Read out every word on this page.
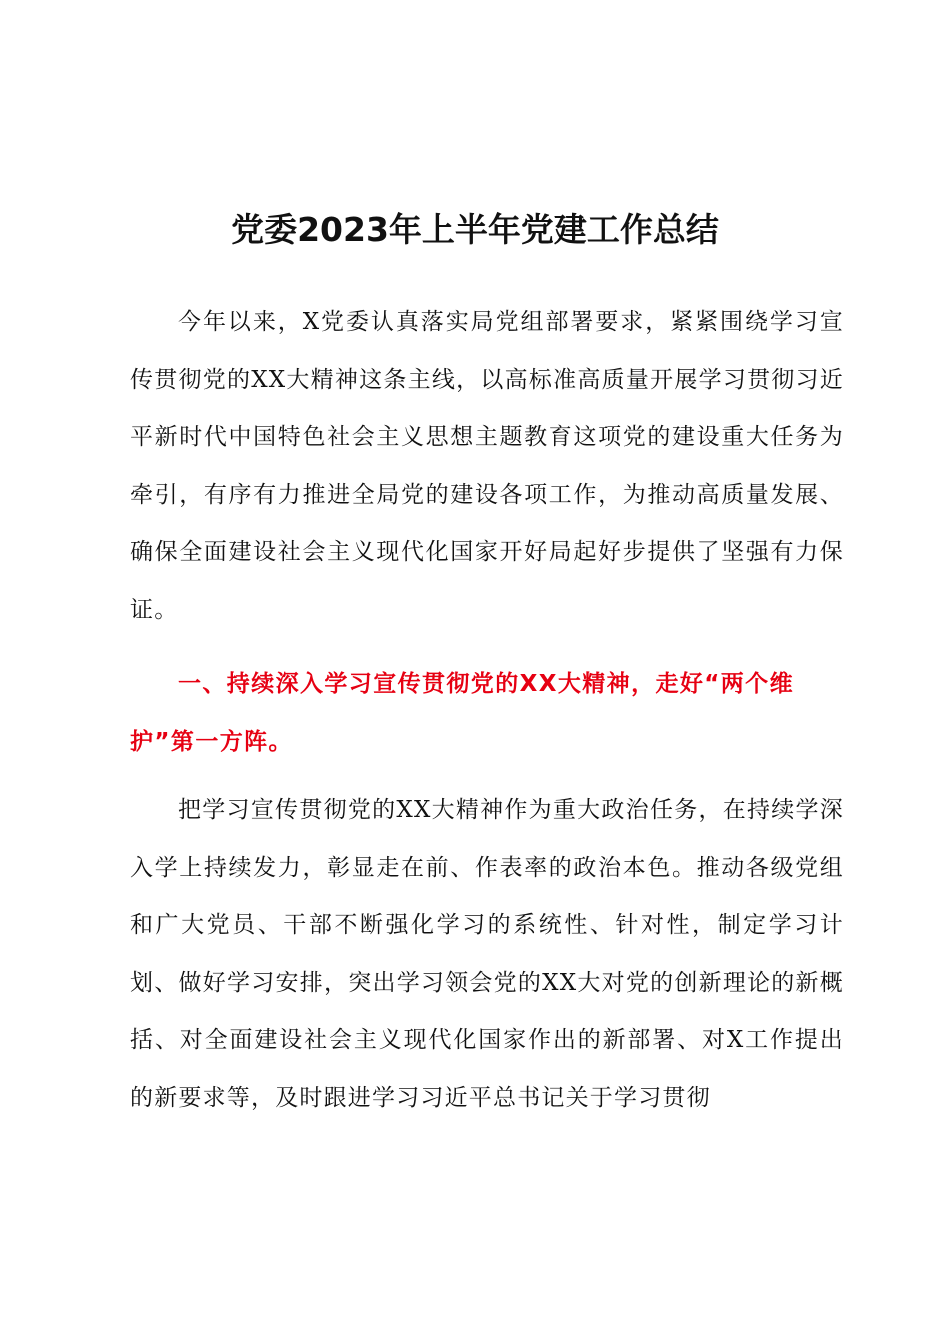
党委2023年上半年党建工作总结

今年以来，X党委认真落实局党组部署要求，紧紧围绕学习宣传贯彻党的XX大精神这条主线，以高标准高质量开展学习贯彻习近平新时代中国特色社会主义思想主题教育这项党的建设重大任务为牵引，有序有力推进全局党的建设各项工作，为推动高质量发展、确保全面建设社会主义现代化国家开好局起好步提供了坚强有力保证。

一、持续深入学习宣传贯彻党的XX大精神，走好“两个维护”第一方阵。

把学习宣传贯彻党的XX大精神作为重大政治任务，在持续学深入学上持续发力，彰显走在前、作表率的政治本色。推动各级党组和广大党员、干部不断强化学习的系统性、针对性，制定学习计划、做好学习安排，突出学习领会党的XX大对党的创新理论的新概括、对全面建设社会主义现代化国家作出的新部署、对X工作提出的新要求等，及时跟进学习习近平总书记关于学习贯彻
